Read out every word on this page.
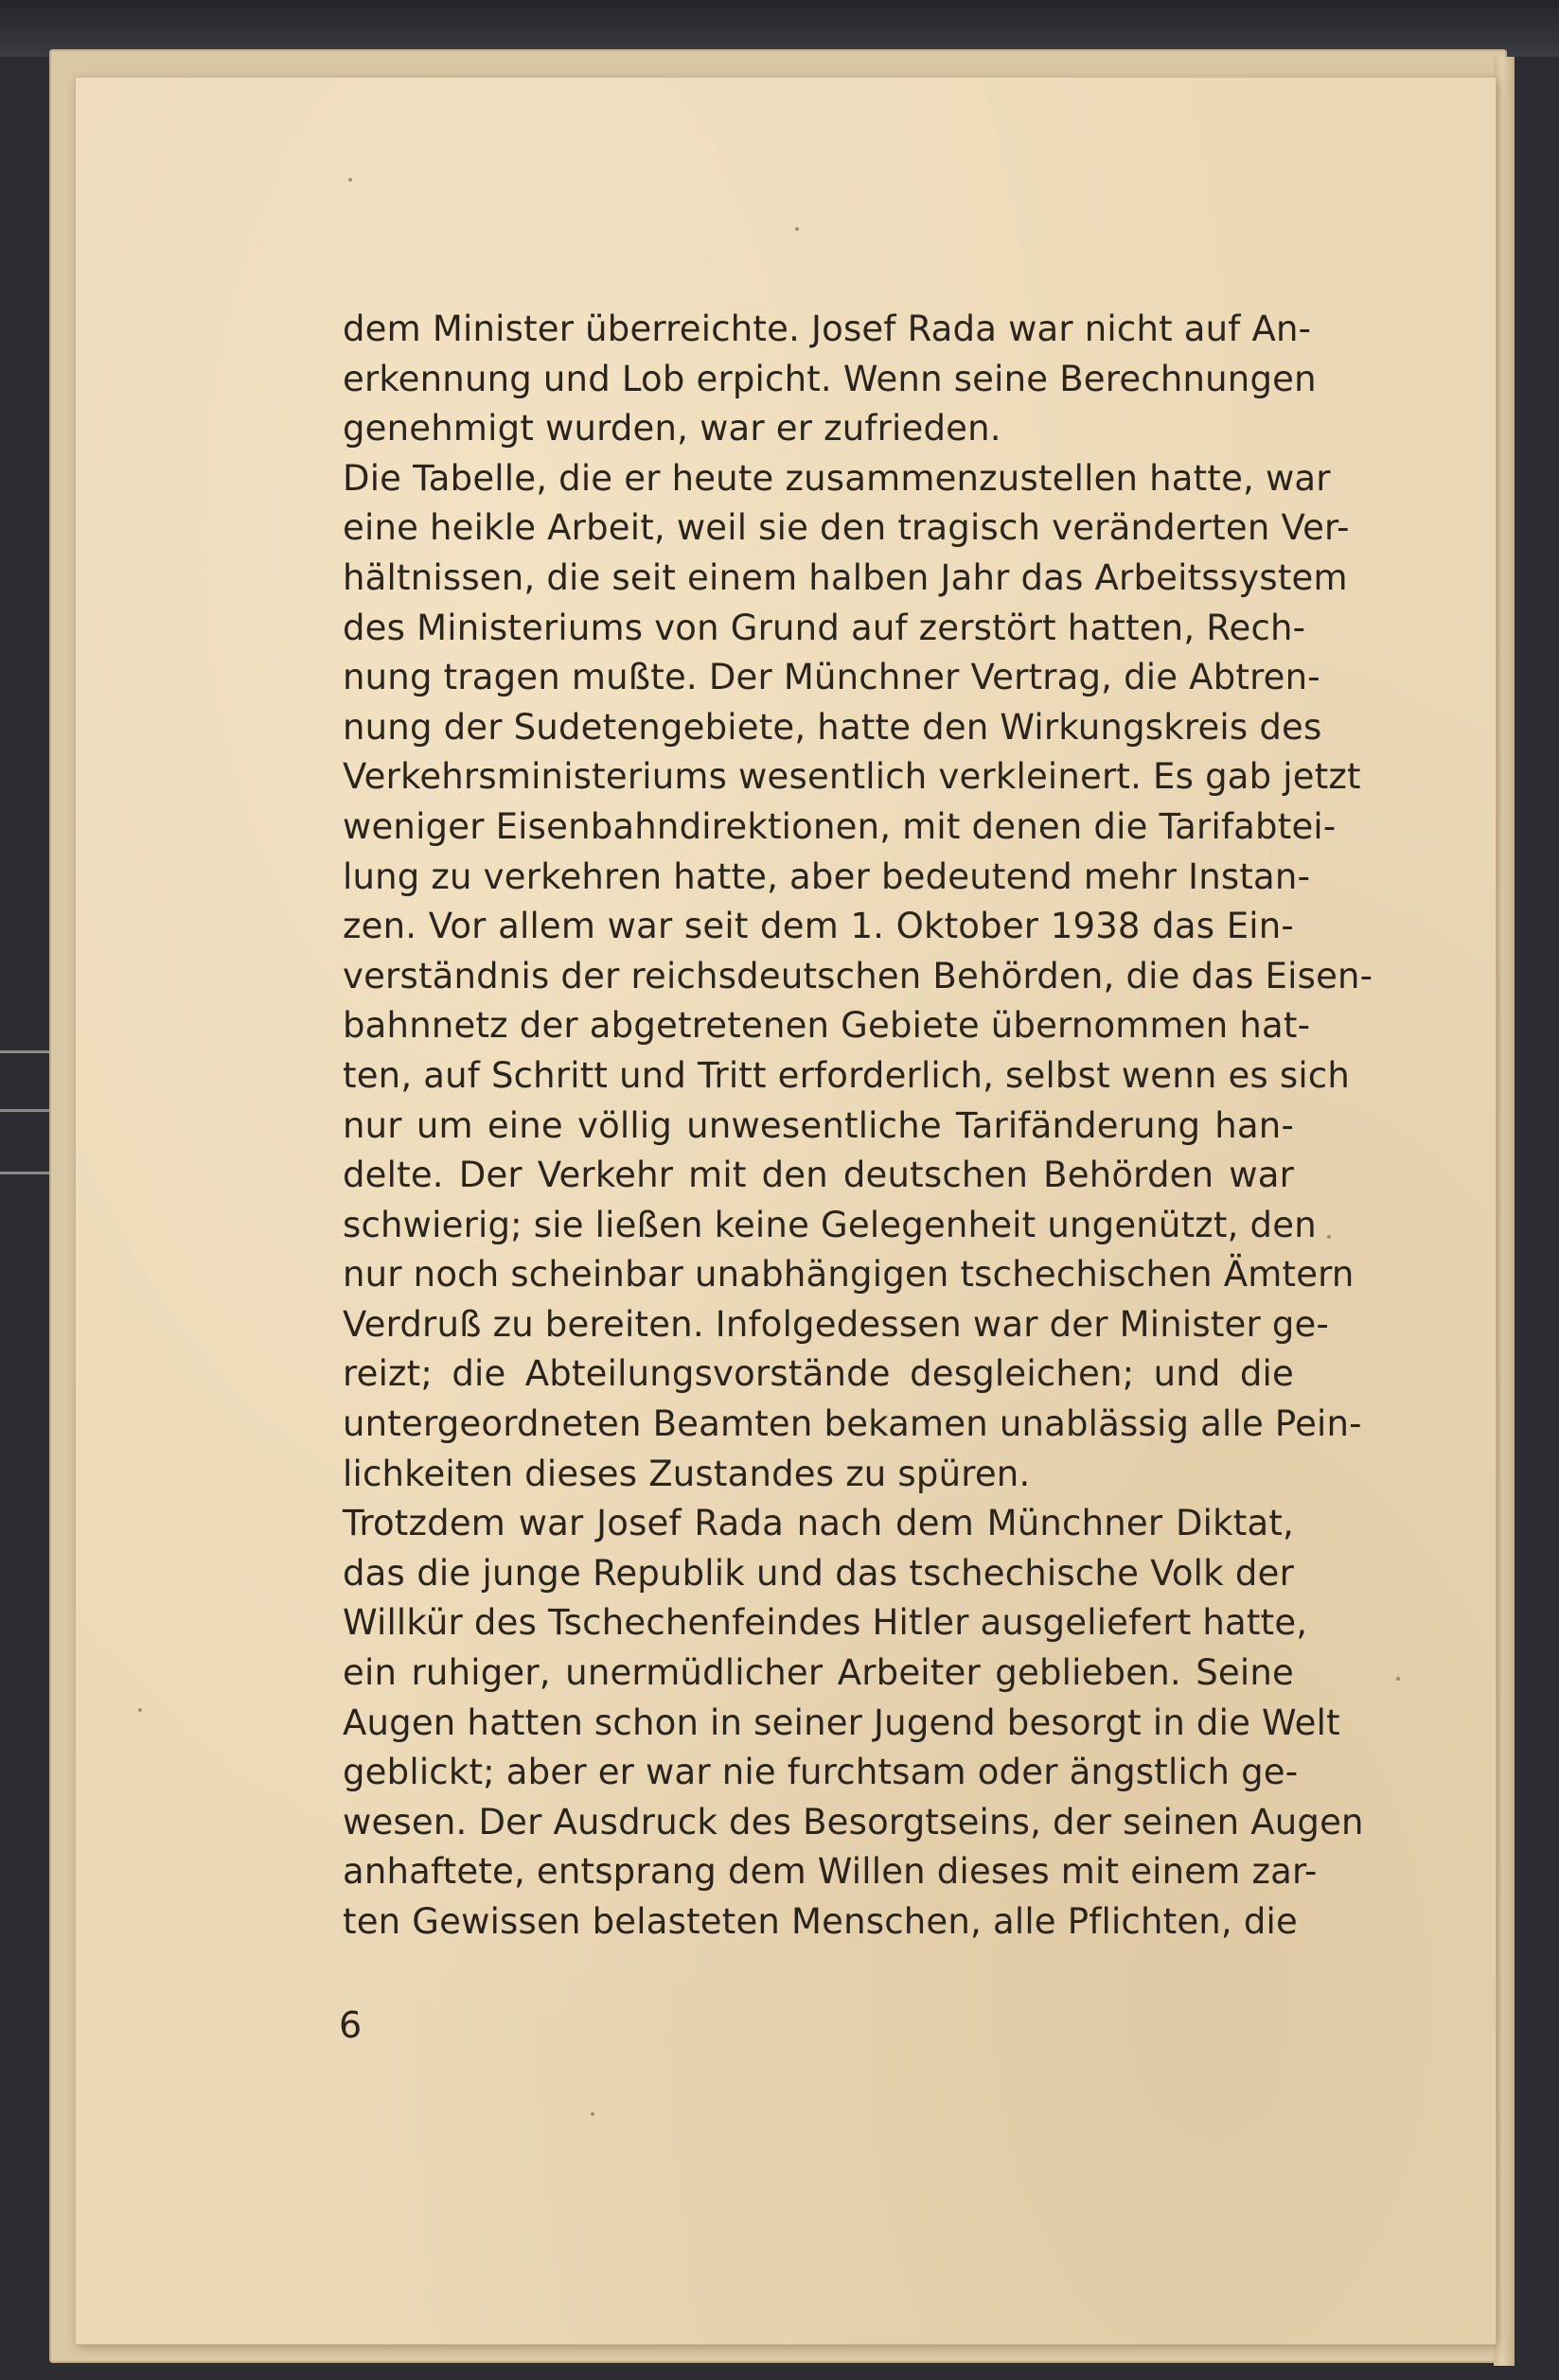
dem Minister überreichte. Josef Rada war nicht auf An-
erkennung und Lob erpicht. Wenn seine Berechnungen
genehmigt wurden, war er zufrieden.
Die Tabelle, die er heute zusammenzustellen hatte, war
eine heikle Arbeit, weil sie den tragisch veränderten Ver-
hältnissen, die seit einem halben Jahr das Arbeitssystem
des Ministeriums von Grund auf zerstört hatten, Rech-
nung tragen mußte. Der Münchner Vertrag, die Abtren-
nung der Sudetengebiete, hatte den Wirkungskreis des
Verkehrsministeriums wesentlich verkleinert. Es gab jetzt
weniger Eisenbahndirektionen, mit denen die Tarifabtei-
lung zu verkehren hatte, aber bedeutend mehr Instan-
zen. Vor allem war seit dem 1. Oktober 1938 das Ein-
verständnis der reichsdeutschen Behörden, die das Eisen-
bahnnetz der abgetretenen Gebiete übernommen hat-
ten, auf Schritt und Tritt erforderlich, selbst wenn es sich
nur um eine völlig unwesentliche Tarifänderung han-
delte. Der Verkehr mit den deutschen Behörden war
schwierig; sie ließen keine Gelegenheit ungenützt, den
nur noch scheinbar unabhängigen tschechischen Ämtern
Verdruß zu bereiten. Infolgedessen war der Minister ge-
reizt; die Abteilungsvorstände desgleichen; und die
untergeordneten Beamten bekamen unablässig alle Pein-
lichkeiten dieses Zustandes zu spüren.
Trotzdem war Josef Rada nach dem Münchner Diktat,
das die junge Republik und das tschechische Volk der
Willkür des Tschechenfeindes Hitler ausgeliefert hatte,
ein ruhiger, unermüdlicher Arbeiter geblieben. Seine
Augen hatten schon in seiner Jugend besorgt in die Welt
geblickt; aber er war nie furchtsam oder ängstlich ge-
wesen. Der Ausdruck des Besorgtseins, der seinen Augen
anhaftete, entsprang dem Willen dieses mit einem zar-
ten Gewissen belasteten Menschen, alle Pflichten, die
6
